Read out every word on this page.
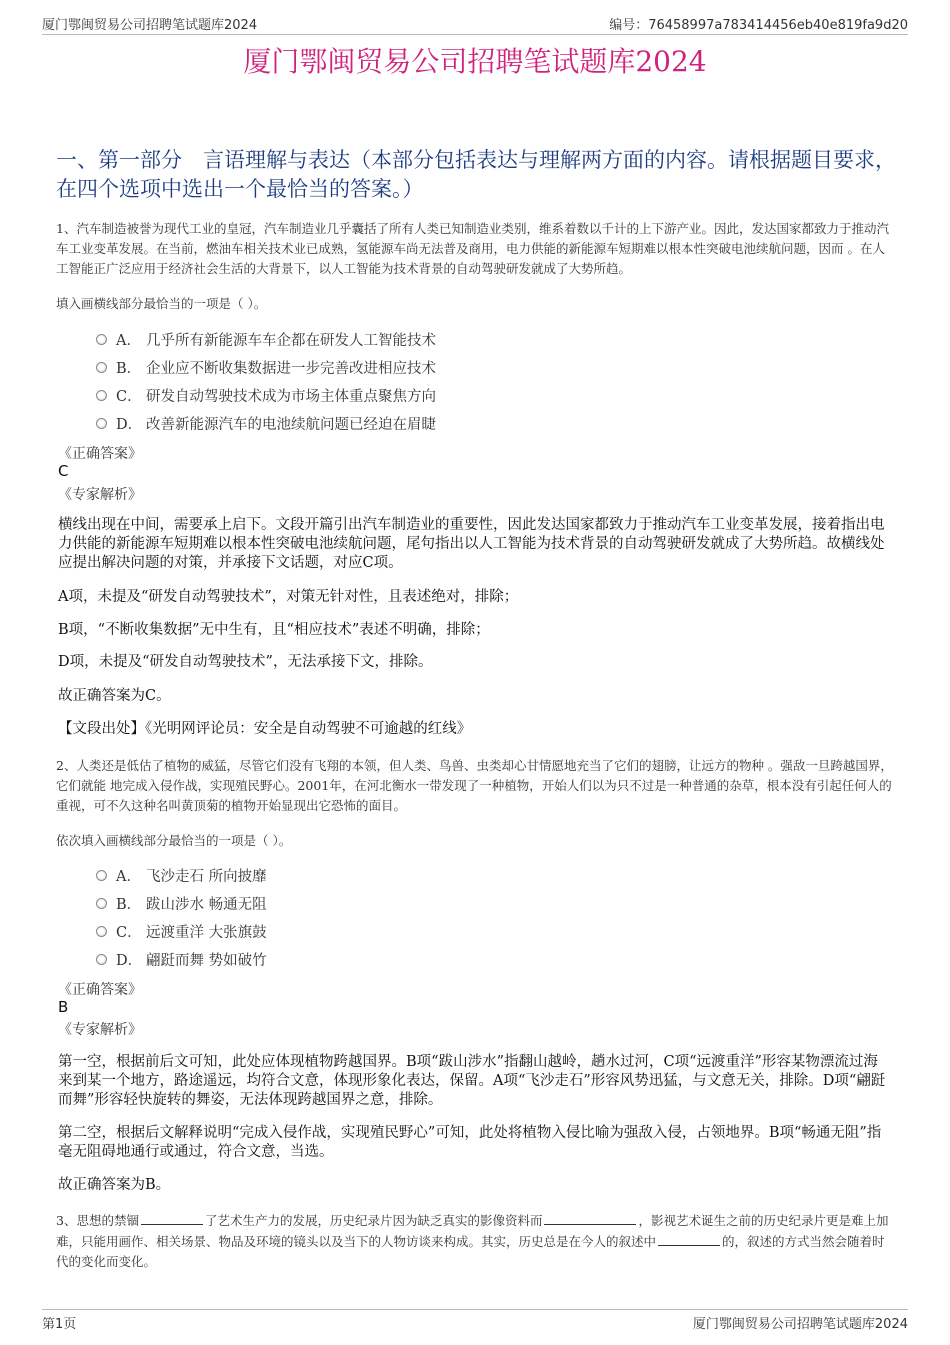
厦门鄂闽贸易公司招聘笔试题库2024	编号：76458997a783414456eb40e819fa9d20
厦门鄂闽贸易公司招聘笔试题库2024
一、第一部分　言语理解与表达（本部分包括表达与理解两方面的内容。请根据题目要求，在四个选项中选出一个最恰当的答案。）
1、汽车制造被誉为现代工业的皇冠，汽车制造业几乎囊括了所有人类已知制造业类别，维系着数以千计的上下游产业。因此，发达国家都致力于推动汽车工业变革发展。在当前，燃油车相关技术业已成熟，氢能源车尚无法普及商用，电力供能的新能源车短期难以根本性突破电池续航问题，因而 。在人工智能正广泛应用于经济社会生活的大背景下，以人工智能为技术背景的自动驾驶研发就成了大势所趋。
填入画横线部分最恰当的一项是（ ）。
A． 几乎所有新能源车车企都在研发人工智能技术
B． 企业应不断收集数据进一步完善改进相应技术
C． 研发自动驾驶技术成为市场主体重点聚焦方向
D． 改善新能源汽车的电池续航问题已经迫在眉睫
《正确答案》
C
《专家解析》
横线出现在中间，需要承上启下。文段开篇引出汽车制造业的重要性，因此发达国家都致力于推动汽车工业变革发展，接着指出电力供能的新能源车短期难以根本性突破电池续航问题，尾句指出以人工智能为技术背景的自动驾驶研发就成了大势所趋。故横线处应提出解决问题的对策，并承接下文话题，对应C项。
A项，未提及“研发自动驾驶技术”，对策无针对性，且表述绝对，排除；
B项，“不断收集数据”无中生有，且“相应技术”表述不明确，排除；
D项，未提及“研发自动驾驶技术”，无法承接下文，排除。
故正确答案为C。
【文段出处】《光明网评论员：安全是自动驾驶不可逾越的红线》
2、人类还是低估了植物的威猛，尽管它们没有飞翔的本领，但人类、鸟兽、虫类却心甘情愿地充当了它们的翅膀，让远方的物种 。强敌一旦跨越国界，它们就能 地完成入侵作战，实现殖民野心。2001年，在河北衡水一带发现了一种植物，开始人们以为只不过是一种普通的杂草，根本没有引起任何人的重视，可不久这种名叫黄顶菊的植物开始显现出它恐怖的面目。
依次填入画横线部分最恰当的一项是（ ）。
A． 飞沙走石 所向披靡
B． 跋山涉水 畅通无阻
C． 远渡重洋 大张旗鼓
D． 翩跹而舞 势如破竹
《正确答案》
B
《专家解析》
第一空，根据前后文可知，此处应体现植物跨越国界。B项“跋山涉水”指翻山越岭，趟水过河，C项“远渡重洋”形容某物漂流过海来到某一个地方，路途遥远，均符合文意，体现形象化表达，保留。A项“飞沙走石”形容风势迅猛，与文意无关，排除。D项“翩跹而舞”形容轻快旋转的舞姿，无法体现跨越国界之意，排除。
第二空，根据后文解释说明“完成入侵作战，实现殖民野心”可知，此处将植物入侵比喻为强敌入侵，占领地界。B项“畅通无阻”指毫无阻碍地通行或通过，符合文意，当选。
故正确答案为B。
3、思想的禁锢	了艺术生产力的发展，历史纪录片因为缺乏真实的影像资料而	，影视艺术诞生之前的历史纪录片更是难上加难，只能用画作、相关场景、物品及环境的镜头以及当下的人物访谈来构成。其实，历史总是在今人的叙述中	的，叙述的方式当然会随着时代的变化而变化。
第1页	厦门鄂闽贸易公司招聘笔试题库2024
